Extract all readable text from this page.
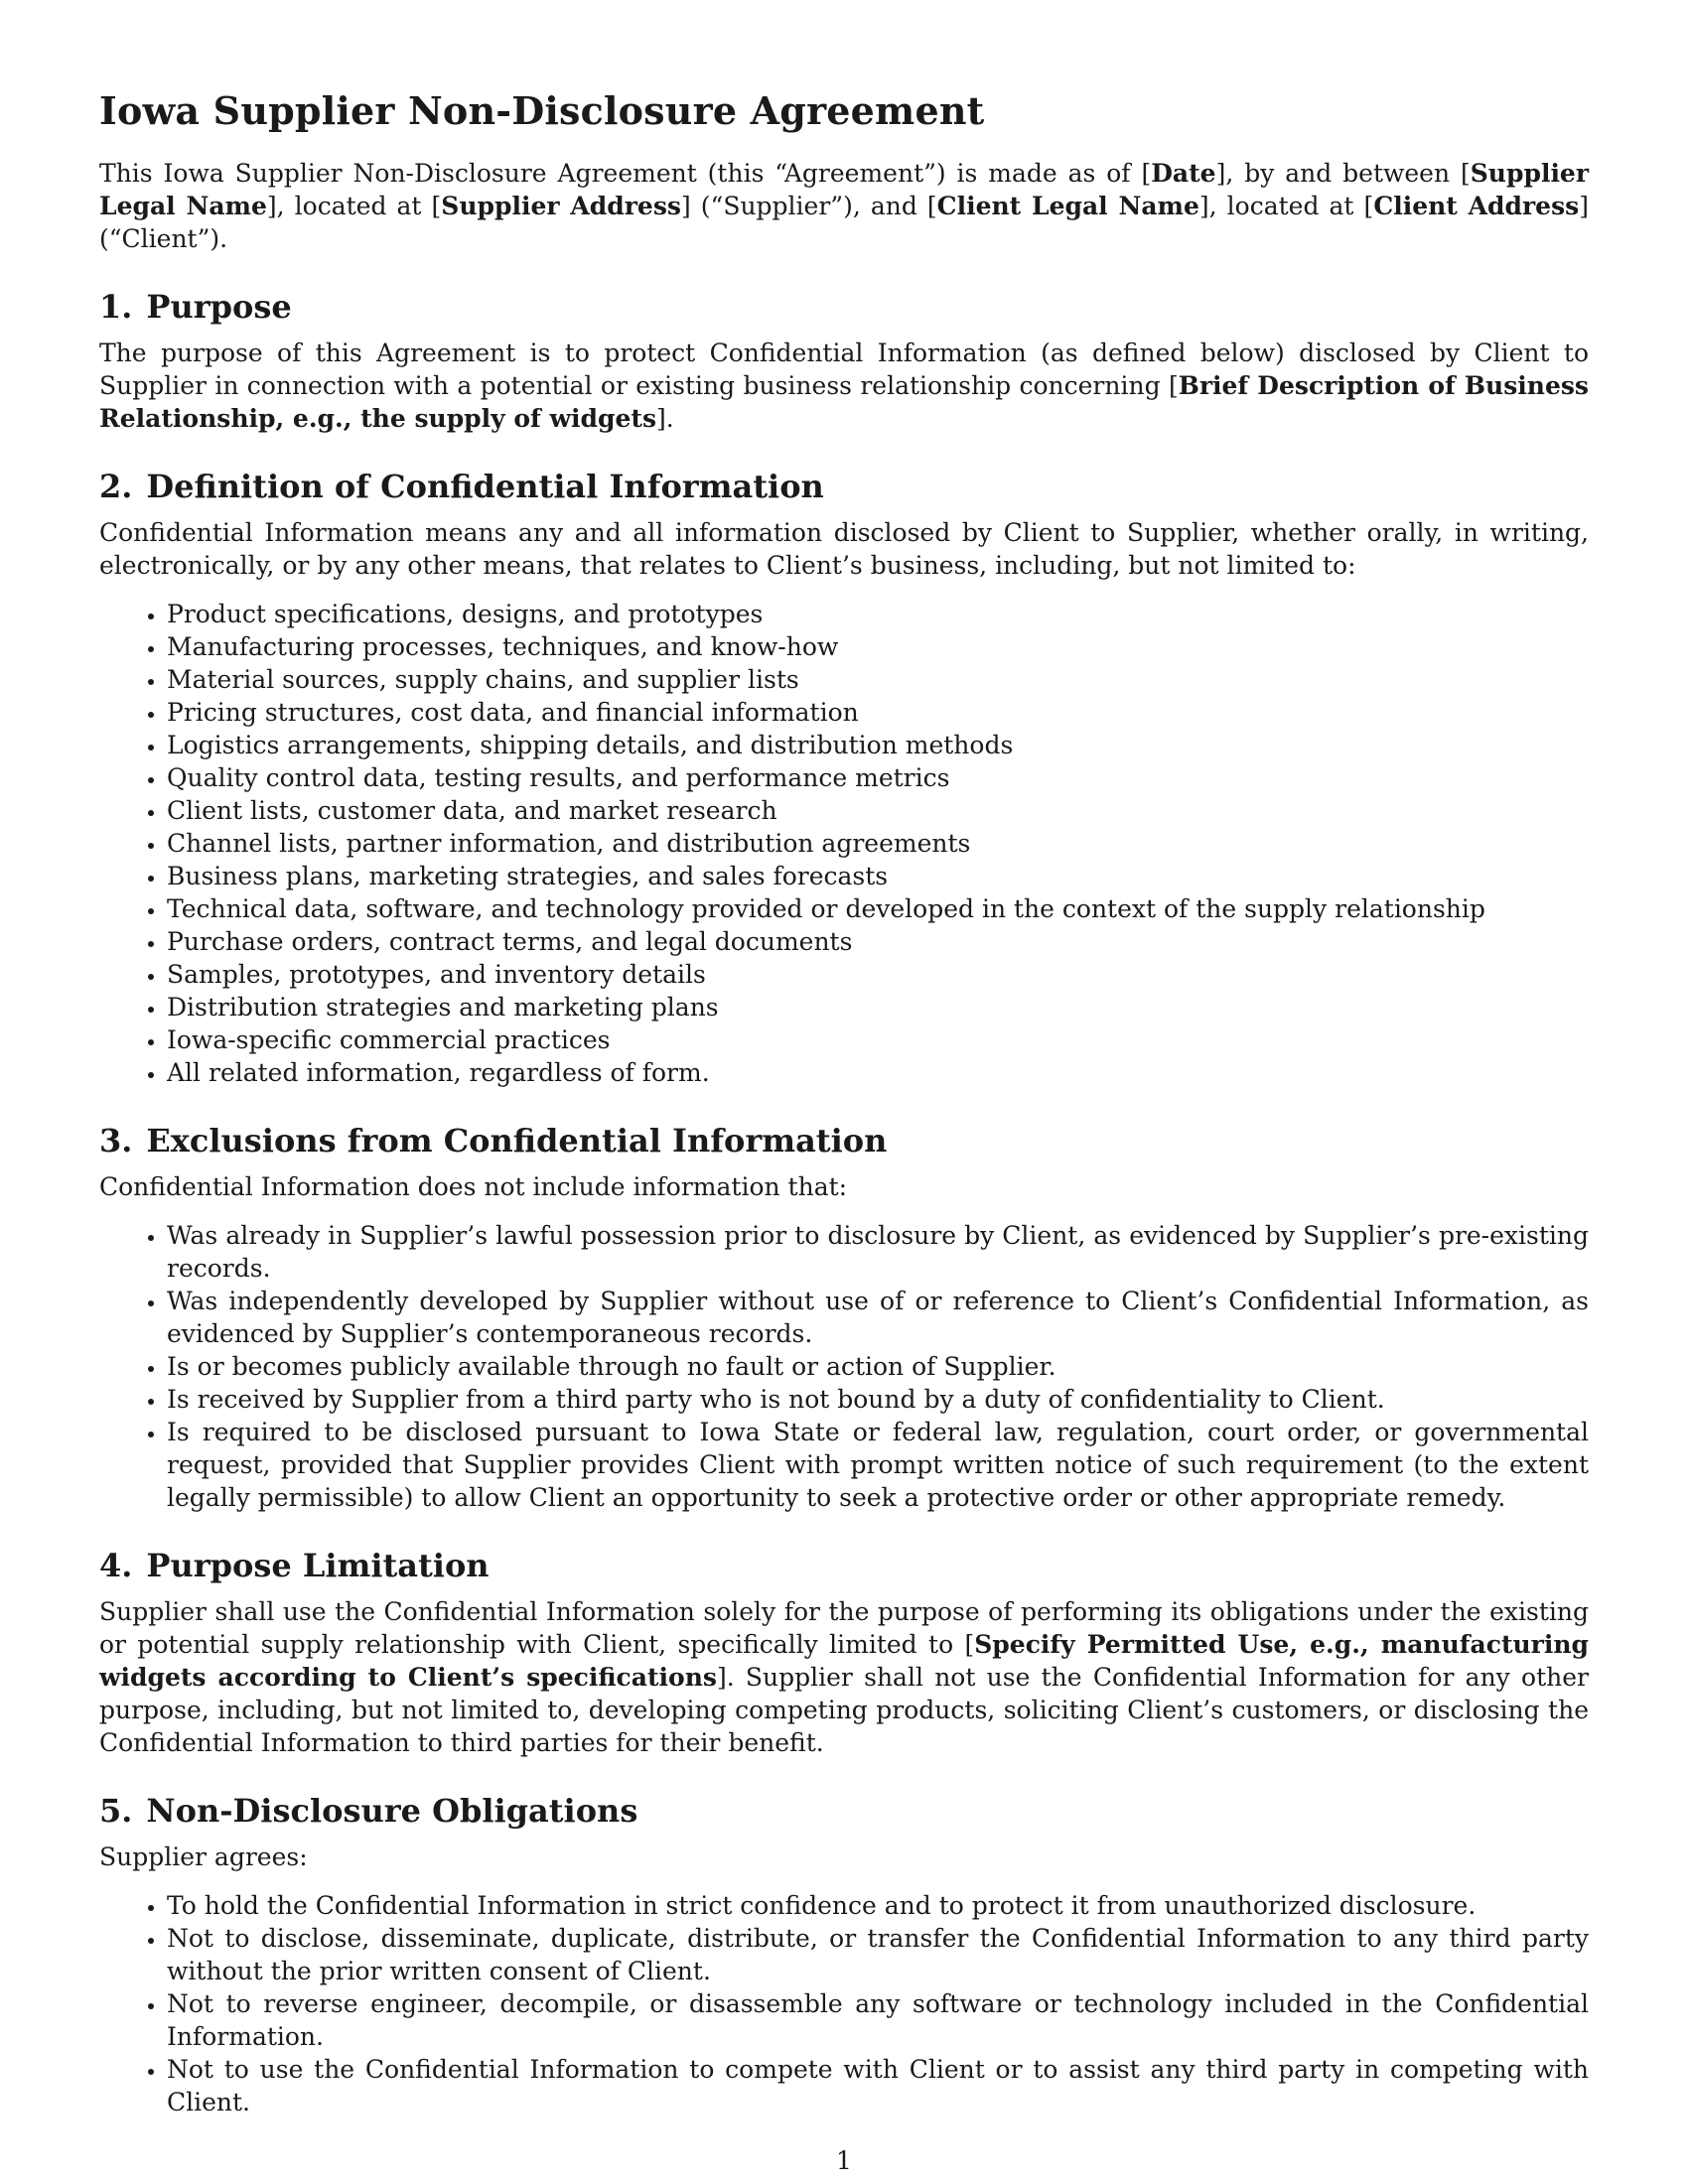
Iowa Supplier Non-Disclosure Agreement

This Iowa Supplier Non-Disclosure Agreement (this “Agreement”) is made as of [Date], by and between [Supplier Legal Name], located at [Supplier Address] (“Supplier”), and [Client Legal Name], located at [Client Address] (“Client”).

1. Purpose

The purpose of this Agreement is to protect Confidential Information (as defined below) disclosed by Client to Supplier in connection with a potential or existing business relationship concerning [Brief Description of Business Relationship, e.g., the supply of widgets].

2. Definition of Confidential Information

Confidential Information means any and all information disclosed by Client to Supplier, whether orally, in writing, electronically, or by any other means, that relates to Client’s business, including, but not limited to:

• Product specifications, designs, and prototypes
• Manufacturing processes, techniques, and know-how
• Material sources, supply chains, and supplier lists
• Pricing structures, cost data, and financial information
• Logistics arrangements, shipping details, and distribution methods
• Quality control data, testing results, and performance metrics
• Client lists, customer data, and market research
• Channel lists, partner information, and distribution agreements
• Business plans, marketing strategies, and sales forecasts
• Technical data, software, and technology provided or developed in the context of the supply relationship
• Purchase orders, contract terms, and legal documents
• Samples, prototypes, and inventory details
• Distribution strategies and marketing plans
• Iowa-specific commercial practices
• All related information, regardless of form.
3. Exclusions from Confidential Information

Confidential Information does not include information that:

• Was already in Supplier’s lawful possession prior to disclosure by Client, as evidenced by Supplier’s pre-existing records.
• Was independently developed by Supplier without use of or reference to Client’s Confidential Information, as evidenced by Supplier’s contemporaneous records.
• Is or becomes publicly available through no fault or action of Supplier.
• Is received by Supplier from a third party who is not bound by a duty of confidentiality to Client.
• Is required to be disclosed pursuant to Iowa State or federal law, regulation, court order, or governmental request, provided that Supplier provides Client with prompt written notice of such requirement (to the extent legally permissible) to allow Client an opportunity to seek a protective order or other appropriate remedy.
4. Purpose Limitation

Supplier shall use the Confidential Information solely for the purpose of performing its obligations under the existing or potential supply relationship with Client, specifically limited to [Specify Permitted Use, e.g., manufacturing widgets according to Client’s specifications]. Supplier shall not use the Confidential Information for any other purpose, including, but not limited to, developing competing products, soliciting Client’s customers, or disclosing the Confidential Information to third parties for their benefit.

5. Non-Disclosure Obligations

Supplier agrees:

• To hold the Confidential Information in strict confidence and to protect it from unauthorized disclosure.
• Not to disclose, disseminate, duplicate, distribute, or transfer the Confidential Information to any third party without the prior written consent of Client.
• Not to reverse engineer, decompile, or disassemble any software or technology included in the Confidential Information.
• Not to use the Confidential Information to compete with Client or to assist any third party in competing with Client.
1
